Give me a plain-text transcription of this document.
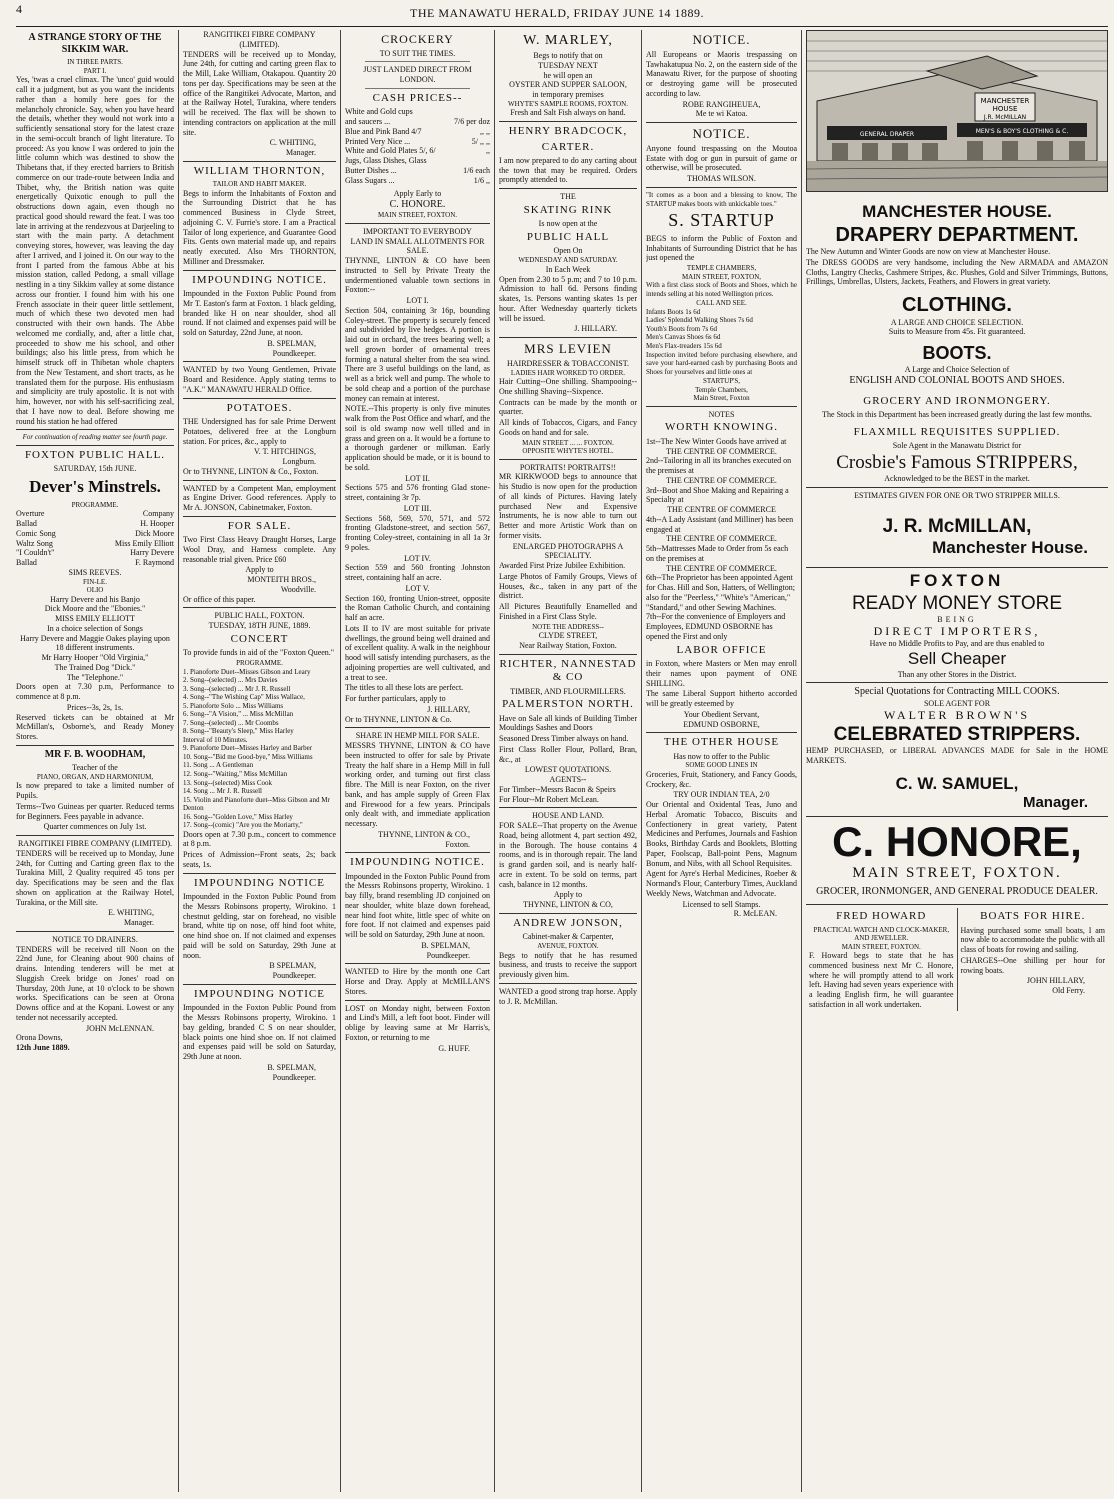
4	THE MANAWATU HERALD, FRIDAY JUNE 14 1889.
A STRANGE STORY OF THE SIKKIM WAR.
IN THREE PARTS.
PART I.

Yes, 'twas a cruel climax. The 'unco' guid would call it a judgment, but as you want the incidents rather than a homily here goes for the melancholy chronicle. Say, when you have heard the details, whether they would not work into a sufficiently sensational story for the latest craze in the semi-occult branch of light literature. To proceed: As you know I was ordered to join the little column which was destined to show the Thibetans that, if they erected barriers to British commerce on our trade-route between India and Thibet, why, the British nation was quite energetically Quixotic enough to pull the obstructions down again, even though no practical good should reward the feat. I was too late in arriving at the rendezvous at Darjeeling to start with the main party. A detachment conveying stores, however, was leaving the day after I arrived, and I joined it. On our way to the front I parted from the famous Abbe at his mission station, called Pedong, a small village nestling in a tiny Sikkim valley at some distance across our frontier. I found him with his one French associate in their queer little settlement, much of which these two devoted men had constructed with their own hands. The Abbe welcomed me cordially, and, after a little chat, proceeded to show me his school, and other buildings; also his little press, from which he himself struck off in Thibetan whole chapters from the New Testament, and short tracts, as he translated them for the purpose. His enthusiasm and simplicity are truly apostolic. It is not with him, however, nor with his self-sacrificing zeal, that I have now to deal. Before showing me round his station he had offered

For continuation of reading matter see fourth page.
FOXTON PUBLIC HALL.
SATURDAY, 15th JUNE.
Dever's Minstrels.
PROGRAMME.
Overture	Company
Ballad	H. Hooper
Comic Song	Dick Moore
Waltz Song	Miss Emily Elliott
"I Couldn't"	Harry Devere
Ballad	F. Raymond
SIMS REEVES.
FIN-LE.
OLIO
Harry Devere and his Banjo
Dick Moore and the "Ebonies."
MISS EMILY ELLIOTT
In a choice selection of Songs
Harry Devere and Maggie Oakes playing upon 18 different instruments.
Mr Harry Hooper "Old Virginia,"
The Trained Dog "Dick."
The "Telephone."

Doors open at 7.30 p.m, Performance to commence at 8 p.m.

Prices--3s, 2s, 1s.

Reserved tickets can be obtained at Mr McMillan's, Osborne's, and Ready Money Stores.

MR F. B. WOODHAM,
Teacher of the
PIANO, ORGAN, AND HARMONIUM,

Is now prepared to take a limited number of Pupils.

Terms--Two Guineas per quarter. Reduced terms for Beginners. Fees payable in advance.

Quarter commences on July 1st.
RANGITIKEI FIBRE COMPANY (LIMITED).

TENDERS will be received up to Monday, June 24th, for Cutting and Carting green flax to the Turakina Mill, 2 Quality required 45 tons per day. Specifications may be seen and the flax shown on application at the Railway Hotel, Turakina, or the Mill site.

E. WHITING,
Manager.
NOTICE TO DRAINERS.

TENDERS will be received till Noon on the 22nd June, for Cleaning about 900 chains of drains. Intending tenderers will be met at Sluggish Creek bridge on Jones' road on Thursday, 20th June, at 10 o'clock to be shown works. Specifications can be seen at Orona Downs office and at the Kopani. Lowest or any tender not necessarily accepted.

JOHN McLENNAN.
Orona Downs,
12th June 1889.
RANGITIKEI FIBRE COMPANY (LIMITED).

TENDERS will be received up to Monday, June 24th, for cutting and carting green flax to the Mill, Lake William, Otakapou. Quantity 20 tons per day. Specifications may be seen at the office of the Rangitikei Advocate, Marton, and at the Railway Hotel, Turakina, where tenders will be received. The flax will be shown to intending contractors on application at the mill site.

C. WHITING,
Manager.
WILLIAM THORNTON,
TAILOR AND HABIT MAKER.

Begs to inform the Inhabitants of Foxton and the Surrounding District that he has commenced Business in Clyde Street, adjoining C. V. Furrie's store. I am a Practical Tailor of long experience, and Guarantee Good Fits. Gents own material made up, and repairs neatly executed. Also Mrs THORNTON, Milliner and Dressmaker.

IMPOUNDING NOTICE.

Impounded in the Foxton Public Pound from Mr T. Easton's farm at Foxton. 1 black gelding, branded like H on near shoulder, shod all round. If not claimed and expenses paid will be sold on Saturday, 22nd June, at noon.

B. SPELMAN,
Poundkeeper.

WANTED by two Young Gentlemen, Private Board and Residence. Apply stating terms to "A.K." MANAWATU HERALD Office.

POTATOES.

THE Undersigned has for sale Prime Derwent Potatoes, delivered free at the Longburn station. For prices, &c., apply to

V. T. HITCHINGS,
Longburn.

Or to THYNNE, LINTON & Co., Foxton.

WANTED by a Competent Man, employment as Engine Driver. Good references. Apply to Mr A. JONSON, Cabinetmaker, Foxton.

FOR SALE.

Two First Class Heavy Draught Horses, Large Wool Dray, and Harness complete. Any reasonable trial given. Price £60

Apply to
MONTEITH BROS.,
Woodville.
Or office of this paper.
PUBLIC HALL, FOXTON.
TUESDAY, 18TH JUNE, 1889.
CONCERT

To provide funds in aid of the "Foxton Queen."

PROGRAMME.
1. Pianoforte Duet--Misses Gibson and Leary
2. Song--(selected) ... Mrs Davies
3. Song--(selected) ... Mr J. R. Russell
4. Song--"The Wishing Cap" Miss Wallace,
5. Pianoforte Solo ... Miss Williams
6. Song--"A Vision," ... Miss McMillan
7. Song--(selected) ... Mr Coombs
8. Song--"Beauty's Sleep," Miss Harley
Interval of 10 Minutes.
9. Pianoforte Duet--Misses Harley and Barber
10. Song--"Bid me Good-bye," Miss Williams
11. Song ... A Gentleman
12. Song--"Waiting," Miss McMillan
13. Song--(selected) Miss Cook
14. Song ... Mr J. R. Russell
15. Violin and Pianoforte duet--Miss Gibson and Mr Denton
16. Song--"Golden Love," Miss Harley
17. Song--(comic) "Are you the Moriarty,"

Doors open at 7.30 p.m., concert to commence at 8 p.m.

Prices of Admission--Front seats, 2s; back seats, 1s.

IMPOUNDING NOTICE

Impounded in the Foxton Public Pound from the Messrs Robinsons property, Wirokino. 1 chestnut gelding, star on forehead, no visible brand, white tip on nose, off hind foot white, one hind shoe on. If not claimed and expenses paid will be sold on Saturday, 29th June at noon.

B SPELMAN,
Poundkeeper.
IMPOUNDING NOTICE

Impounded in the Foxton Public Pound from the Messrs Robinsons property, Wirokino. 1 bay gelding, branded C S on near shoulder, black points one hind shoe on. If not claimed and expenses paid will be sold on Saturday, 29th June at noon.

B. SPELMAN,
Poundkeeper.
CROCKERY
TO SUIT THE TIMES.
JUST LANDED DIRECT FROM LONDON.
CASH PRICES--
White and Gold cups
and saucers ...	7/6 per doz
Blue and Pink Band 4/7	,, ,,
Printed Very Nice ...	5/ ,, ,,
White and Gold Plates 5/, 6/	,,
Jugs, Glass Dishes, Glass
Butter Dishes ...	1/6 each
Glass Sugars ...	1/6 ,,
Apply Early to
C. HONORE.
MAIN STREET, FOXTON.
IMPORTANT TO EVERYBODY
LAND IN SMALL ALLOTMENTS FOR SALE.

THYNNE, LINTON & CO have been instructed to Sell by Private Treaty the undermentioned valuable town sections in Foxton:--

LOT I.

Section 504, containing 3r 16p, bounding Coley-street. The property is securely fenced and subdivided by live hedges. A portion is laid out in orchard, the trees bearing well; a well grown border of ornamental trees forming a natural shelter from the sea wind. There are 3 useful buildings on the land, as well as a brick well and pump. The whole to be sold cheap and a portion of the purchase money can remain at interest.

NOTE.--This property is only five minutes walk from the Post Office and wharf, and the soil is old swamp now well tilled and in grass and green on a. It would be a fortune to a thorough gardener or milkman. Early application should be made, or it is bound to be sold.

LOT II.

Sections 575 and 576 fronting Glad stone-street, containing 3r 7p.

LOT III.

Sections 568, 569, 570, 571, and 572 fronting Gladstone-street, and section 567, fronting Coley-street, containing in all 1a 3r 9 poles.

LOT IV.

Section 559 and 560 fronting Johnston street, containing half an acre.

LOT V.

Section 160, fronting Union-street, opposite the Roman Catholic Church, and containing half an acre.

Lots II to IV are most suitable for private dwellings, the ground being well drained and of excellent quality. A walk in the neighbour hood will satisfy intending purchasers, as the adjoining properties are well cultivated, and a treat to see.

The titles to all these lots are perfect.

For further particulars, apply to

J. HILLARY,
Or to THYNNE, LINTON & Co.
SHARE IN HEMP MILL FOR SALE.

MESSRS THYNNE, LINTON & CO have been instructed to offer for sale by Private Treaty the half share in a Hemp Mill in full working order, and turning out first class fibre. The Mill is near Foxton, on the river bank, and has ample supply of Green Flax and Firewood for a few years. Principals only dealt with, and immediate application necessary.

THYNNE, LINTON & CO.,
Foxton.
IMPOUNDING NOTICE.

Impounded in the Foxton Public Pound from the Messrs Robinsons property, Wirokino. 1 bay filly, brand resembling JD conjoined on near shoulder, white blaze down forehead, near hind foot white, little spec of white on fore foot. If not claimed and expenses paid will be sold on Saturday, 29th June at noon.

B. SPELMAN,
Poundkeeper.

WANTED to Hire by the month one Cart Horse and Dray. Apply at McMILLAN'S Stores.

LOST on Monday night, between Foxton and Lind's Mill, a left foot boot. Finder will oblige by leaving same at Mr Harris's, Foxton, or returning to me

G. HUFF.
W. MARLEY,
Begs to notify that on
TUESDAY NEXT
he will open an
OYSTER AND SUPPER SALOON,
in temporary premises
WHYTE'S SAMPLE ROOMS, FOXTON.
Fresh and Salt Fish always on hand.
HENRY BRADCOCK,
CARTER.

I am now prepared to do any carting about the town that may be required. Orders promptly attended to.

THE
SKATING RINK
Is now open at the
PUBLIC HALL
Open On
WEDNESDAY AND SATURDAY.
In Each Week

Open from 2.30 to 5 p.m; and 7 to 10 p.m. Admission to hall 6d. Persons finding skates, 1s. Persons wanting skates 1s per hour. After Wednesday quarterly tickets will be issued.

J. HILLARY.
MRS LEVIEN
HAIRDRESSER & TOBACCONIST.
LADIES HAIR WORKED TO ORDER.

Hair Cutting--One shilling. Shampooing--One shilling Shaving--Sixpence.

Contracts can be made by the month or quarter.

All kinds of Tobaccos, Cigars, and Fancy Goods on hand and for sale.

MAIN STREET ... ... FOXTON.
OPPOSITE WHYTE'S HOTEL.
PORTRAITS! PORTRAITS!!

MR KIRKWOOD begs to announce that his Studio is now open for the production of all kinds of Pictures. Having lately purchased New and Expensive Instruments, he is now able to turn out Better and more Artistic Work than on former visits.

ENLARGED PHOTOGRAPHS A SPECIALITY.

Awarded First Prize Jubilee Exhibition.

Large Photos of Family Groups, Views of Houses, &c., taken in any part of the district.

All Pictures Beautifully Enamelled and Finished in a First Class Style.

NOTE THE ADDRESS--
CLYDE STREET,
Near Railway Station, Foxton.
RICHTER, NANNESTAD & CO
TIMBER, AND FLOURMILLERS.
PALMERSTON NORTH.

Have on Sale all kinds of Building Timber Mouldings Sashes and Doors

Seasoned Dress Timber always on hand.

First Class Roller Flour, Pollard, Bran, &c., at

LOWEST QUOTATIONS.
AGENTS--
For Timber--Messrs Bacon & Speirs
For Flour--Mr Robert McLean.
HOUSE AND LAND.

FOR SALE--That property on the Avenue Road, being allotment 4, part section 492, in the Borough. The house contains 4 rooms, and is in thorough repair. The land is grand garden soil, and is nearly half-acre in extent. To be sold on terms, part cash, balance in 12 months.

Apply to
THYNNE, LINTON & CO,
ANDREW JONSON,
Cabinet-maker & Carpenter,
AVENUE, FOXTON.

Begs to notify that he has resumed business, and trusts to receive the support previously given him.

WANTED a good strong trap horse. Apply to J. R. McMillan.

NOTICE.

All Europeans or Maoris trespassing on Tawhakatupua No. 2, on the eastern side of the Manawatu River, for the purpose of shooting or destroying game will be prosecuted according to law.

ROBE RANGIHEUEA,
Me te wi Katoa.
NOTICE.

Anyone found trespassing on the Moutoa Estate with dog or gun in pursuit of game or otherwise, will be prosecuted.

THOMAS WILSON.

"It comes as a boon and a blessing to know, The STARTUP makes boots with unkickable toes."

S. STARTUP

BEGS to inform the Public of Foxton and Inhabitants of Surrounding District that he has just opened the

TEMPLE CHAMBERS,
MAIN STREET, FOXTON,

With a first class stock of Boots and Shoes, which he intends selling at his noted Wellington prices.

CALL AND SEE.
Infants Boots 1s 6d
Ladies' Splendid Walking Shoes 7s 6d
Youth's Boots from 7s 6d
Men's Canvas Shoes 6s 6d
Men's Flax-treaders 15s 6d

Inspection invited before purchasing elsewhere, and save your hard-earned cash by purchasing Boots and Shoes for yourselves and little ones at

STARTUP'S,
Temple Chambers,
Main Street, Foxton
NOTES
WORTH KNOWING.
1st--The New Winter Goods have arrived at
THE CENTRE OF COMMERCE.
2nd--Tailoring in all its branches executed on the premises at
THE CENTRE OF COMMERCE.
3rd--Boot and Shoe Making and Repairing a Specialty at
THE CENTRE OF COMMERCE
4th--A Lady Assistant (and Milliner) has been engaged at
THE CENTRE OF COMMERCE.
5th--Mattresses Made to Order from 5s each on the premises at
THE CENTRE OF COMMERCE.
6th--The Proprietor has been appointed Agent for Chas. Hill and Son, Hatters, of Wellington; also for the "Peerless," "White's "American," "Standard," and other Sewing Machines.
7th--For the convenience of Employers and Employees, EDMUND OSBORNE has opened the First and only
LABOR OFFICE

in Foxton, where Masters or Men may enroll their names upon payment of ONE SHILLING.

The same Liberal Support hitherto accorded will be greatly esteemed by

Your Obedient Servant,
EDMUND OSBORNE,
THE OTHER HOUSE
Has now to offer to the Public
SOME GOOD LINES IN

Groceries, Fruit, Stationery, and Fancy Goods, Crockery, &c.

TRY OUR INDIAN TEA, 2/0

Our Oriental and Oxidental Teas, Juno and Herbal Aromatic Tobacco, Biscuits and Confectionery in great variety, Patent Medicines and Perfumes, Journals and Fashion Books, Birthday Cards and Booklets, Blotting Paper, Foolscap, Ball-point Pens, Magnum Bonum, and Nibs, with all School Requisites.

Agent for Ayre's Herbal Medicines, Roeber & Normand's Flour, Canterbury Times, Auckland Weekly News, Watchman and Advocate.

Licensed to sell Stamps.
R. McLEAN.
MANCHESTER
HOUSE
J.R. McMILLAN
GENERAL DRAPER	MEN'S & BOY'S CLOTHING & C.
MANCHESTER HOUSE.
DRAPERY DEPARTMENT.

The New Autumn and Winter Goods are now on view at Manchester House.

The DRESS GOODS are very handsome, including the New ARMADA and AMAZON Cloths, Langtry Checks, Cashmere Stripes, &c. Plushes, Gold and Silver Trimmings, Buttons, Frillings, Umbrellas, Ulsters, Jackets, Feathers, and Flowers in great variety.

CLOTHING.
A LARGE AND CHOICE SELECTION.
Suits to Measure from 45s. Fit guaranteed.
BOOTS.
A Large and Choice Selection of
ENGLISH AND COLONIAL BOOTS AND SHOES.
GROCERY AND IRONMONGERY.
The Stock in this Department has been increased greatly during the last few months.
FLAXMILL REQUISITES SUPPLIED.
Sole Agent in the Manawatu District for
Crosbie's Famous STRIPPERS,
Acknowledged to be the BEST in the market.
ESTIMATES GIVEN FOR ONE OR TWO STRIPPER MILLS.
J. R. McMILLAN,
Manchester House.
FOXTON
READY MONEY STORE
BEING
DIRECT IMPORTERS,
Have no Middle Profits to Pay, and are thus enabled to
Sell Cheaper
Than any other Stores in the District.
Special Quotations for Contracting MILL COOKS.
SOLE AGENT FOR
WALTER BROWN'S
CELEBRATED STRIPPERS.

HEMP PURCHASED, or LIBERAL ADVANCES MADE for Sale in the HOME MARKETS.

C. W. SAMUEL,
Manager.
C. HONORE,
MAIN STREET, FOXTON.
GROCER, IRONMONGER, AND GENERAL PRODUCE DEALER.
FRED HOWARD
PRACTICAL WATCH AND CLOCK-MAKER, AND JEWELLER.
MAIN STREET, FOXTON.

F. Howard begs to state that he has commenced business next Mr C. Honore, where he will promptly attend to all work left. Having had seven years experience with a leading English firm, he will guarantee satisfaction in all work undertaken.

BOATS FOR HIRE.

Having purchased some small boats, I am now able to accommodate the public with all class of boats for rowing and sailing.

CHARGES--One shilling per hour for rowing boats.

JOHN HILLARY,
Old Ferry.
